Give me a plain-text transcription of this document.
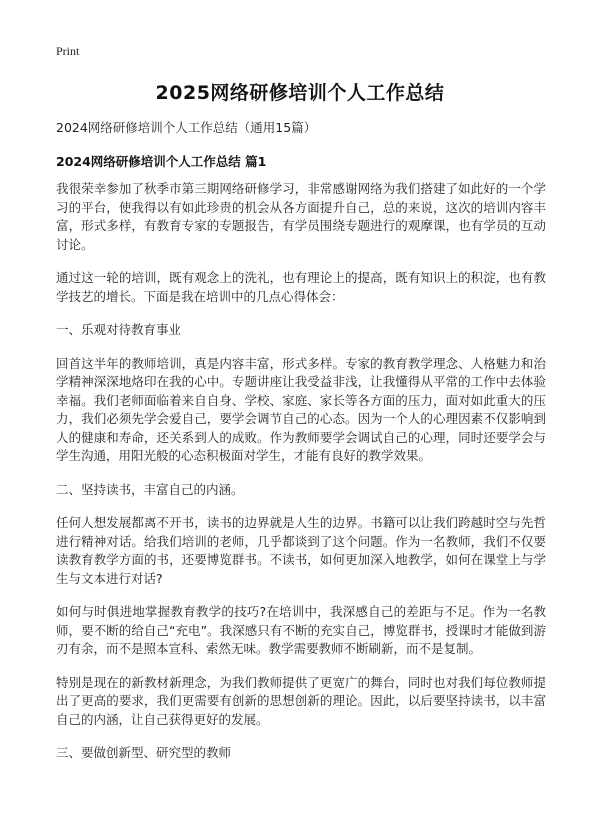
Print
2025网络研修培训个人工作总结
2024网络研修培训个人工作总结（通用15篇）
2024网络研修培训个人工作总结 篇1

我很荣幸参加了秋季市第三期网络研修学习，非常感谢网络为我们搭建了如此好的一个学习的平台，使我得以有如此珍贵的机会从各方面提升自己，总的来说，这次的培训内容丰富，形式多样，有教育专家的专题报告，有学员围绕专题进行的观摩课，也有学员的互动讨论。

通过这一轮的培训，既有观念上的洗礼，也有理论上的提高，既有知识上的积淀，也有教学技艺的增长。下面是我在培训中的几点心得体会：

一、乐观对待教育事业

回首这半年的教师培训，真是内容丰富，形式多样。专家的教育教学理念、人格魅力和治学精神深深地烙印在我的心中。专题讲座让我受益非浅，让我懂得从平常的工作中去体验幸福。我们老师面临着来自自身、学校、家庭、家长等各方面的压力，面对如此重大的压力，我们必须先学会爱自己，要学会调节自己的心态。因为一个人的心理因素不仅影响到人的健康和寿命，还关系到人的成败。作为教师要学会调试自己的心理，同时还要学会与学生沟通，用阳光般的心态积极面对学生，才能有良好的教学效果。

二、坚持读书，丰富自己的内涵。

任何人想发展都离不开书，读书的边界就是人生的边界。书籍可以让我们跨越时空与先哲进行精神对话。给我们培训的老师，几乎都谈到了这个问题。作为一名教师，我们不仅要读教育教学方面的书，还要博览群书。不读书，如何更加深入地教学，如何在课堂上与学生与文本进行对话?

如何与时俱进地掌握教育教学的技巧?在培训中，我深感自己的差距与不足。作为一名教师，要不断的给自己“充电”。我深感只有不断的充实自己，博览群书，授课时才能做到游刃有余，而不是照本宣科、索然无味。教学需要教师不断刷新，而不是复制。

特别是现在的新教材新理念，为我们教师提供了更宽广的舞台，同时也对我们每位教师提出了更高的要求，我们更需要有创新的思想创新的理论。因此，以后要坚持读书，以丰富自己的内涵，让自己获得更好的发展。

三、要做创新型、研究型的教师
